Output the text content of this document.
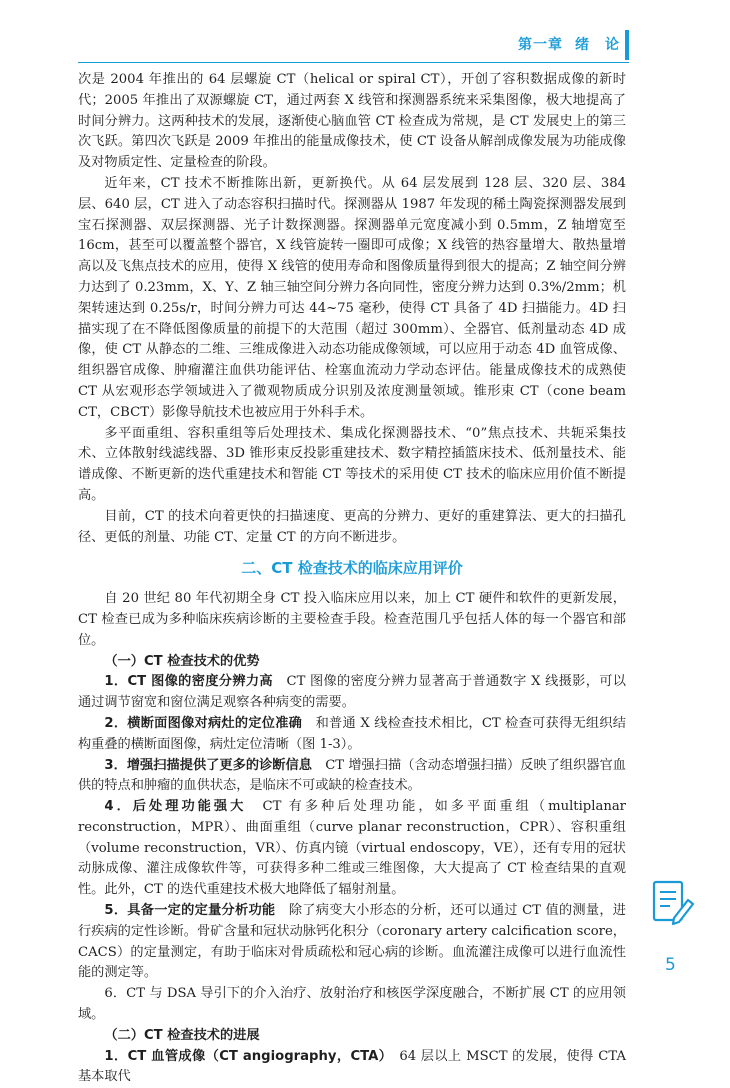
第一章 绪　论

次是 2004 年推出的 64 层螺旋 CT（helical or spiral CT），开创了容积数据成像的新时代；2005 年推出了双源螺旋 CT，通过两套 X 线管和探测器系统来采集图像，极大地提高了时间分辨力。这两种技术的发展，逐渐使心脑血管 CT 检查成为常规，是 CT 发展史上的第三次飞跃。第四次飞跃是 2009 年推出的能量成像技术，使 CT 设备从解剖成像发展为功能成像及对物质定性、定量检查的阶段。

近年来，CT 技术不断推陈出新，更新换代。从 64 层发展到 128 层、320 层、384 层、640 层，CT 进入了动态容积扫描时代。探测器从 1987 年发现的稀土陶瓷探测器发展到宝石探测器、双层探测器、光子计数探测器。探测器单元宽度减小到 0.5mm，Z 轴增宽至 16cm，甚至可以覆盖整个器官，X 线管旋转一圈即可成像；X 线管的热容量增大、散热量增高以及飞焦点技术的应用，使得 X 线管的使用寿命和图像质量得到很大的提高；Z 轴空间分辨力达到了 0.23mm，X、Y、Z 轴三轴空间分辨力各向同性，密度分辨力达到 0.3%/2mm；机架转速达到 0.25s/r，时间分辨力可达 44~75 毫秒，使得 CT 具备了 4D 扫描能力。4D 扫描实现了在不降低图像质量的前提下的大范围（超过 300mm）、全器官、低剂量动态 4D 成像，使 CT 从静态的二维、三维成像进入动态功能成像领域，可以应用于动态 4D 血管成像、组织器官成像、肿瘤灌注血供功能评估、栓塞血流动力学动态评估。能量成像技术的成熟使 CT 从宏观形态学领域进入了微观物质成分识别及浓度测量领域。锥形束 CT（cone beam CT，CBCT）影像导航技术也被应用于外科手术。

多平面重组、容积重组等后处理技术、集成化探测器技术、“0”焦点技术、共轭采集技术、立体散射线滤线器、3D 锥形束反投影重建技术、数字精控插篮床技术、低剂量技术、能谱成像、不断更新的迭代重建技术和智能 CT 等技术的采用使 CT 技术的临床应用价值不断提高。

目前，CT 的技术向着更快的扫描速度、更高的分辨力、更好的重建算法、更大的扫描孔径、更低的剂量、功能 CT、定量 CT 的方向不断进步。

二、CT 检查技术的临床应用评价

自 20 世纪 80 年代初期全身 CT 投入临床应用以来，加上 CT 硬件和软件的更新发展，CT 检查已成为多种临床疾病诊断的主要检查手段。检查范围几乎包括人体的每一个器官和部位。

（一）CT 检查技术的优势

1．CT 图像的密度分辨力高　CT 图像的密度分辨力显著高于普通数字 X 线摄影，可以通过调节窗宽和窗位满足观察各种病变的需要。

2．横断面图像对病灶的定位准确　和普通 X 线检查技术相比，CT 检查可获得无组织结构重叠的横断面图像，病灶定位清晰（图 1-3）。

3．增强扫描提供了更多的诊断信息　CT 增强扫描（含动态增强扫描）反映了组织器官血供的特点和肿瘤的血供状态，是临床不可或缺的检查技术。

4．后处理功能强大　CT 有多种后处理功能，如多平面重组（multiplanar reconstruction，MPR）、曲面重组（curve planar reconstruction，CPR）、容积重组（volume reconstruction，VR）、仿真内镜（virtual endoscopy，VE），还有专用的冠状动脉成像、灌注成像软件等，可获得多种二维或三维图像，大大提高了 CT 检查结果的直观性。此外，CT 的迭代重建技术极大地降低了辐射剂量。

5．具备一定的定量分析功能　除了病变大小形态的分析，还可以通过 CT 值的测量，进行疾病的定性诊断。骨矿含量和冠状动脉钙化积分（coronary artery calcification score，CACS）的定量测定，有助于临床对骨质疏松和冠心病的诊断。血流灌注成像可以进行血流性能的测定等。

6．CT 与 DSA 导引下的介入治疗、放射治疗和核医学深度融合，不断扩展 CT 的应用领域。

（二）CT 检查技术的进展

1．CT 血管成像（CT angiography，CTA）　64 层以上 MSCT 的发展，使得 CTA 基本取代

5
